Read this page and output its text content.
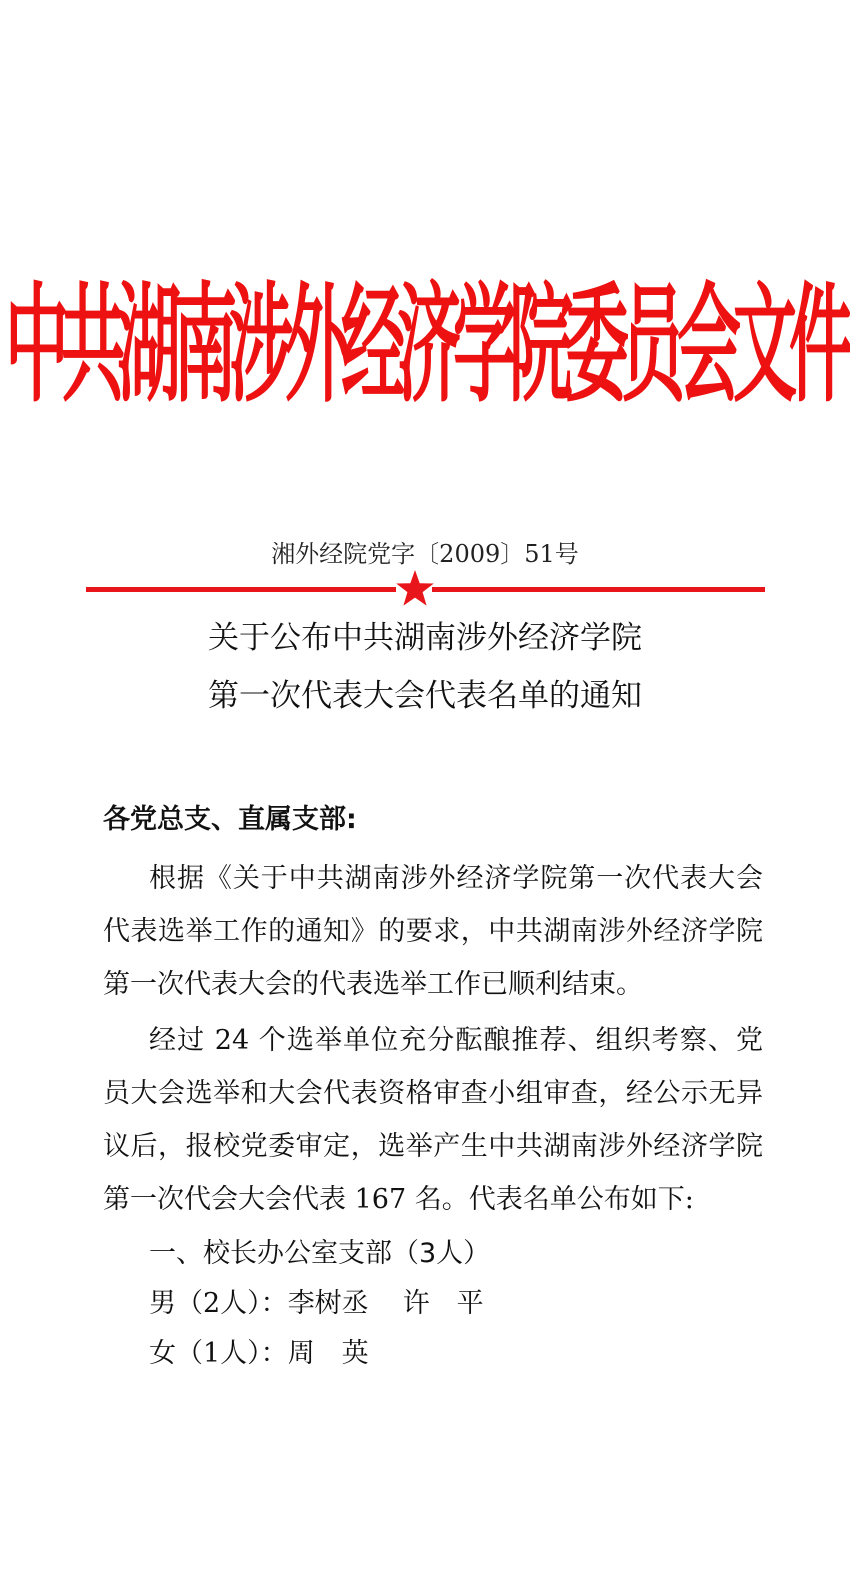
中共湖南涉外经济学院委员会文件
湘外经院党字〔2009〕51号
关于公布中共湖南涉外经济学院
第一次代表大会代表名单的通知
各党总支、直属支部:

根据《关于中共湖南涉外经济学院第一次代表大会代表选举工作的通知》的要求，中共湖南涉外经济学院第一次代表大会的代表选举工作已顺利结束。

经过 24 个选举单位充分酝酿推荐、组织考察、党员大会选举和大会代表资格审查小组审查，经公示无异议后，报校党委审定，选举产生中共湖南涉外经济学院第一次代会大会代表 167 名。代表名单公布如下:

一、校长办公室支部（3人）
男（2人）：李树丞 许　平
女（1人）：周　英
